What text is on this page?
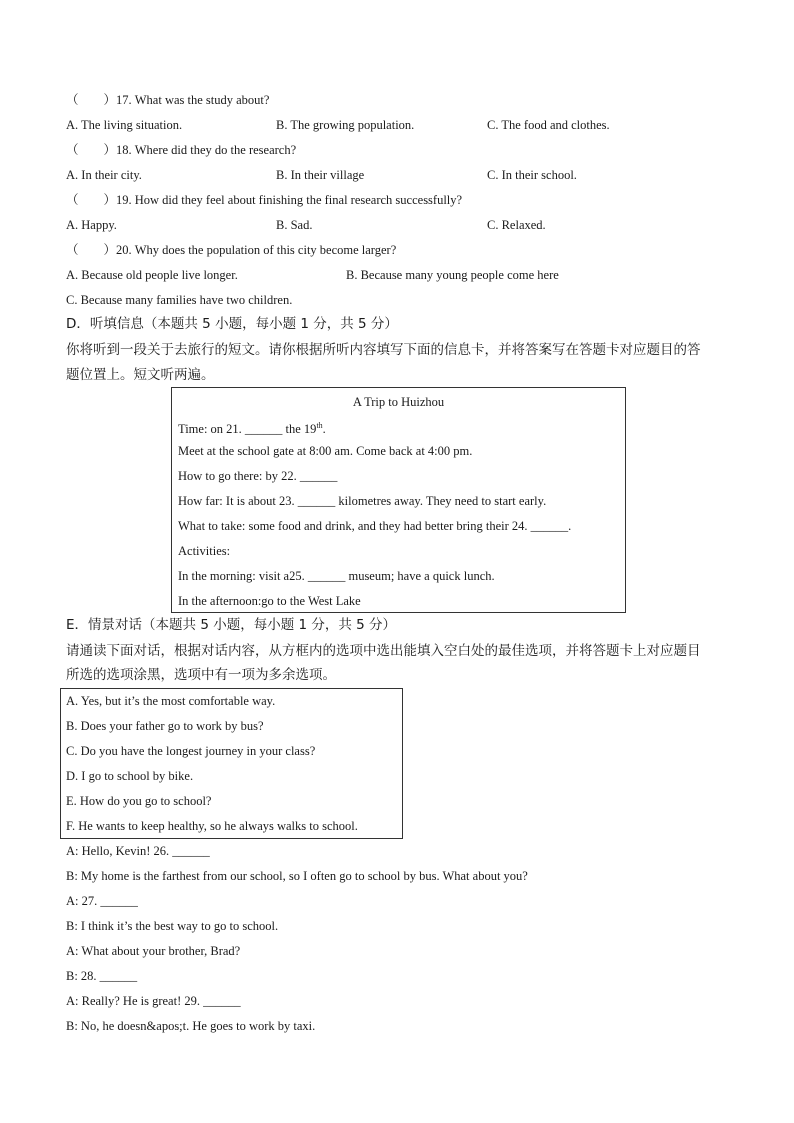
（　　）17. What was the study about?
A. The living situation.	B. The growing population.	C. The food and clothes.
（　　）18. Where did they do the research?
A. In their city.	B. In their village	C. In their school.
（　　）19. How did they feel about finishing the final research successfully?
A. Happy.	B. Sad.	C. Relaxed.
（　　）20. Why does the population of this city become larger?
A. Because old people live longer.	B. Because many young people come here
C. Because many families have two children.
D．听填信息（本题共 5 小题，每小题 1 分，共 5 分）
你将听到一段关于去旅行的短文。请你根据所听内容填写下面的信息卡，并将答案写在答题卡对应题目的答
题位置上。短文听两遍。
A Trip to Huizhou
Time: on 21. ______ the 19th.
Meet at the school gate at 8:00 am. Come back at 4:00 pm.
How to go there: by 22. ______
How far: It is about 23. ______ kilometres away. They need to start early.
What to take: some food and drink, and they had better bring their 24. ______.
Activities:
In the morning: visit a25. ______ museum; have a quick lunch.
In the afternoon:go to the West Lake
E．情景对话（本题共 5 小题，每小题 1 分，共 5 分）
请通读下面对话，根据对话内容，从方框内的选项中选出能填入空白处的最佳选项，并将答题卡上对应题目
所选的选项涂黑，选项中有一项为多余选项。
A. Yes, but it’s the most comfortable way.
B. Does your father go to work by bus?
C. Do you have the longest journey in your class?
D. I go to school by bike.
E. How do you go to school?
F. He wants to keep healthy, so he always walks to school.
A: Hello, Kevin! 26. ______
B: My home is the farthest from our school, so I often go to school by bus. What about you?
A: 27. ______
B: I think it’s the best way to go to school.
A: What about your brother, Brad?
B: 28. ______
A: Really? He is great! 29. ______
B: No, he doesn&apos;t. He goes to work by taxi.
